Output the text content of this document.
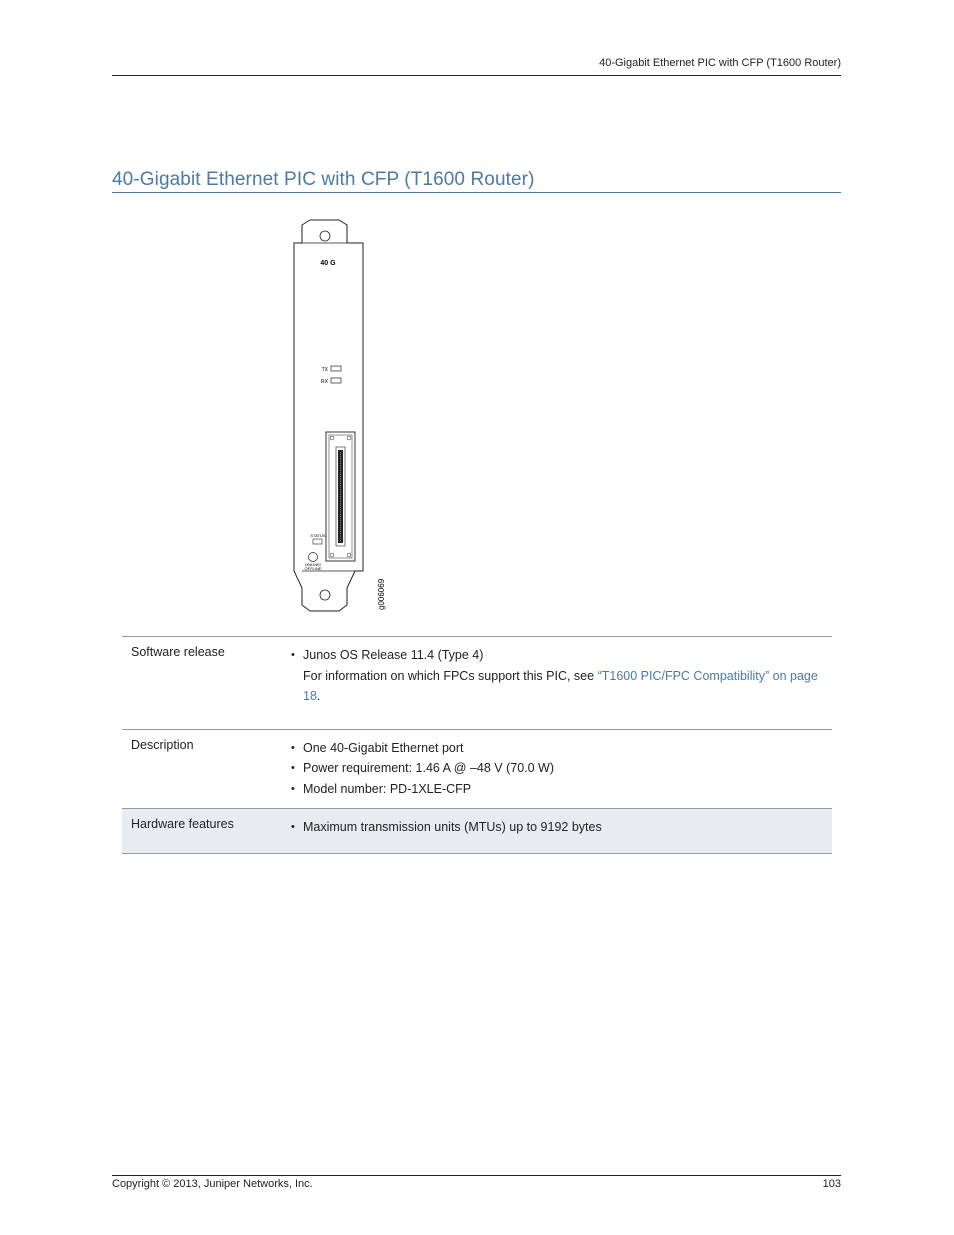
40-Gigabit Ethernet PIC with CFP (T1600 Router)
40-Gigabit Ethernet PIC with CFP (T1600 Router)
40 G
TX
RX
STATUS
ONLINE/
OFFLINE
g006069
Software release	• Junos OS Release 11.4 (Type 4)
For information on which FPCs support this PIC, see “T1600 PIC/FPC Compatibility” on page 18.

Description	• One 40-Gigabit Ethernet port
• Power requirement: 1.46 A @ –48 V (70.0 W)
• Model number: PD-1XLE-CFP

Hardware features	• Maximum transmission units (MTUs) up to 9192 bytes
Copyright © 2013, Juniper Networks, Inc.	103
